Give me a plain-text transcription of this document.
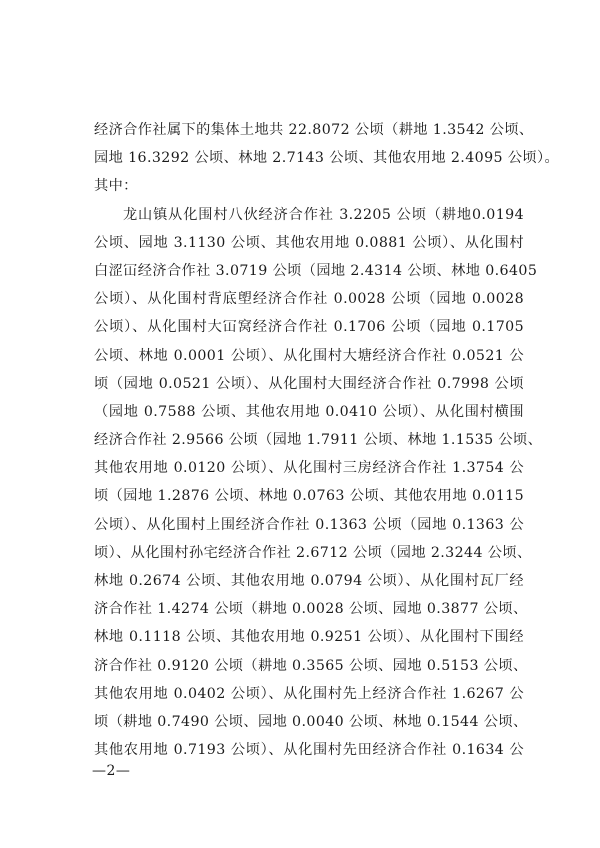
经济合作社属下的集体土地共 22.8072 公顷（耕地 1.3542 公顷、
园地 16.3292 公顷、林地 2.7143 公顷、其他农用地 2.4095 公顷）。
其中：
龙山镇从化围村八伙经济合作社 3.2205 公顷（耕地0.0194
公顷、园地 3.1130 公顷、其他农用地 0.0881 公顷）、从化围村
白涩冚经济合作社 3.0719 公顷（园地 2.4314 公顷、林地 0.6405
公顷）、从化围村背底塱经济合作社 0.0028 公顷（园地 0.0028
公顷）、从化围村大冚窝经济合作社 0.1706 公顷（园地 0.1705
公顷、林地 0.0001 公顷）、从化围村大塘经济合作社 0.0521 公
顷（园地 0.0521 公顷）、从化围村大围经济合作社 0.7998 公顷
（园地 0.7588 公顷、其他农用地 0.0410 公顷）、从化围村横围
经济合作社 2.9566 公顷（园地 1.7911 公顷、林地 1.1535 公顷、
其他农用地 0.0120 公顷）、从化围村三房经济合作社 1.3754 公
顷（园地 1.2876 公顷、林地 0.0763 公顷、其他农用地 0.0115
公顷）、从化围村上围经济合作社 0.1363 公顷（园地 0.1363 公
顷）、从化围村孙宅经济合作社 2.6712 公顷（园地 2.3244 公顷、
林地 0.2674 公顷、其他农用地 0.0794 公顷）、从化围村瓦厂经
济合作社 1.4274 公顷（耕地 0.0028 公顷、园地 0.3877 公顷、
林地 0.1118 公顷、其他农用地 0.9251 公顷）、从化围村下围经
济合作社 0.9120 公顷（耕地 0.3565 公顷、园地 0.5153 公顷、
其他农用地 0.0402 公顷）、从化围村先上经济合作社 1.6267 公
顷（耕地 0.7490 公顷、园地 0.0040 公顷、林地 0.1544 公顷、
其他农用地 0.7193 公顷）、从化围村先田经济合作社 0.1634 公
—2—
